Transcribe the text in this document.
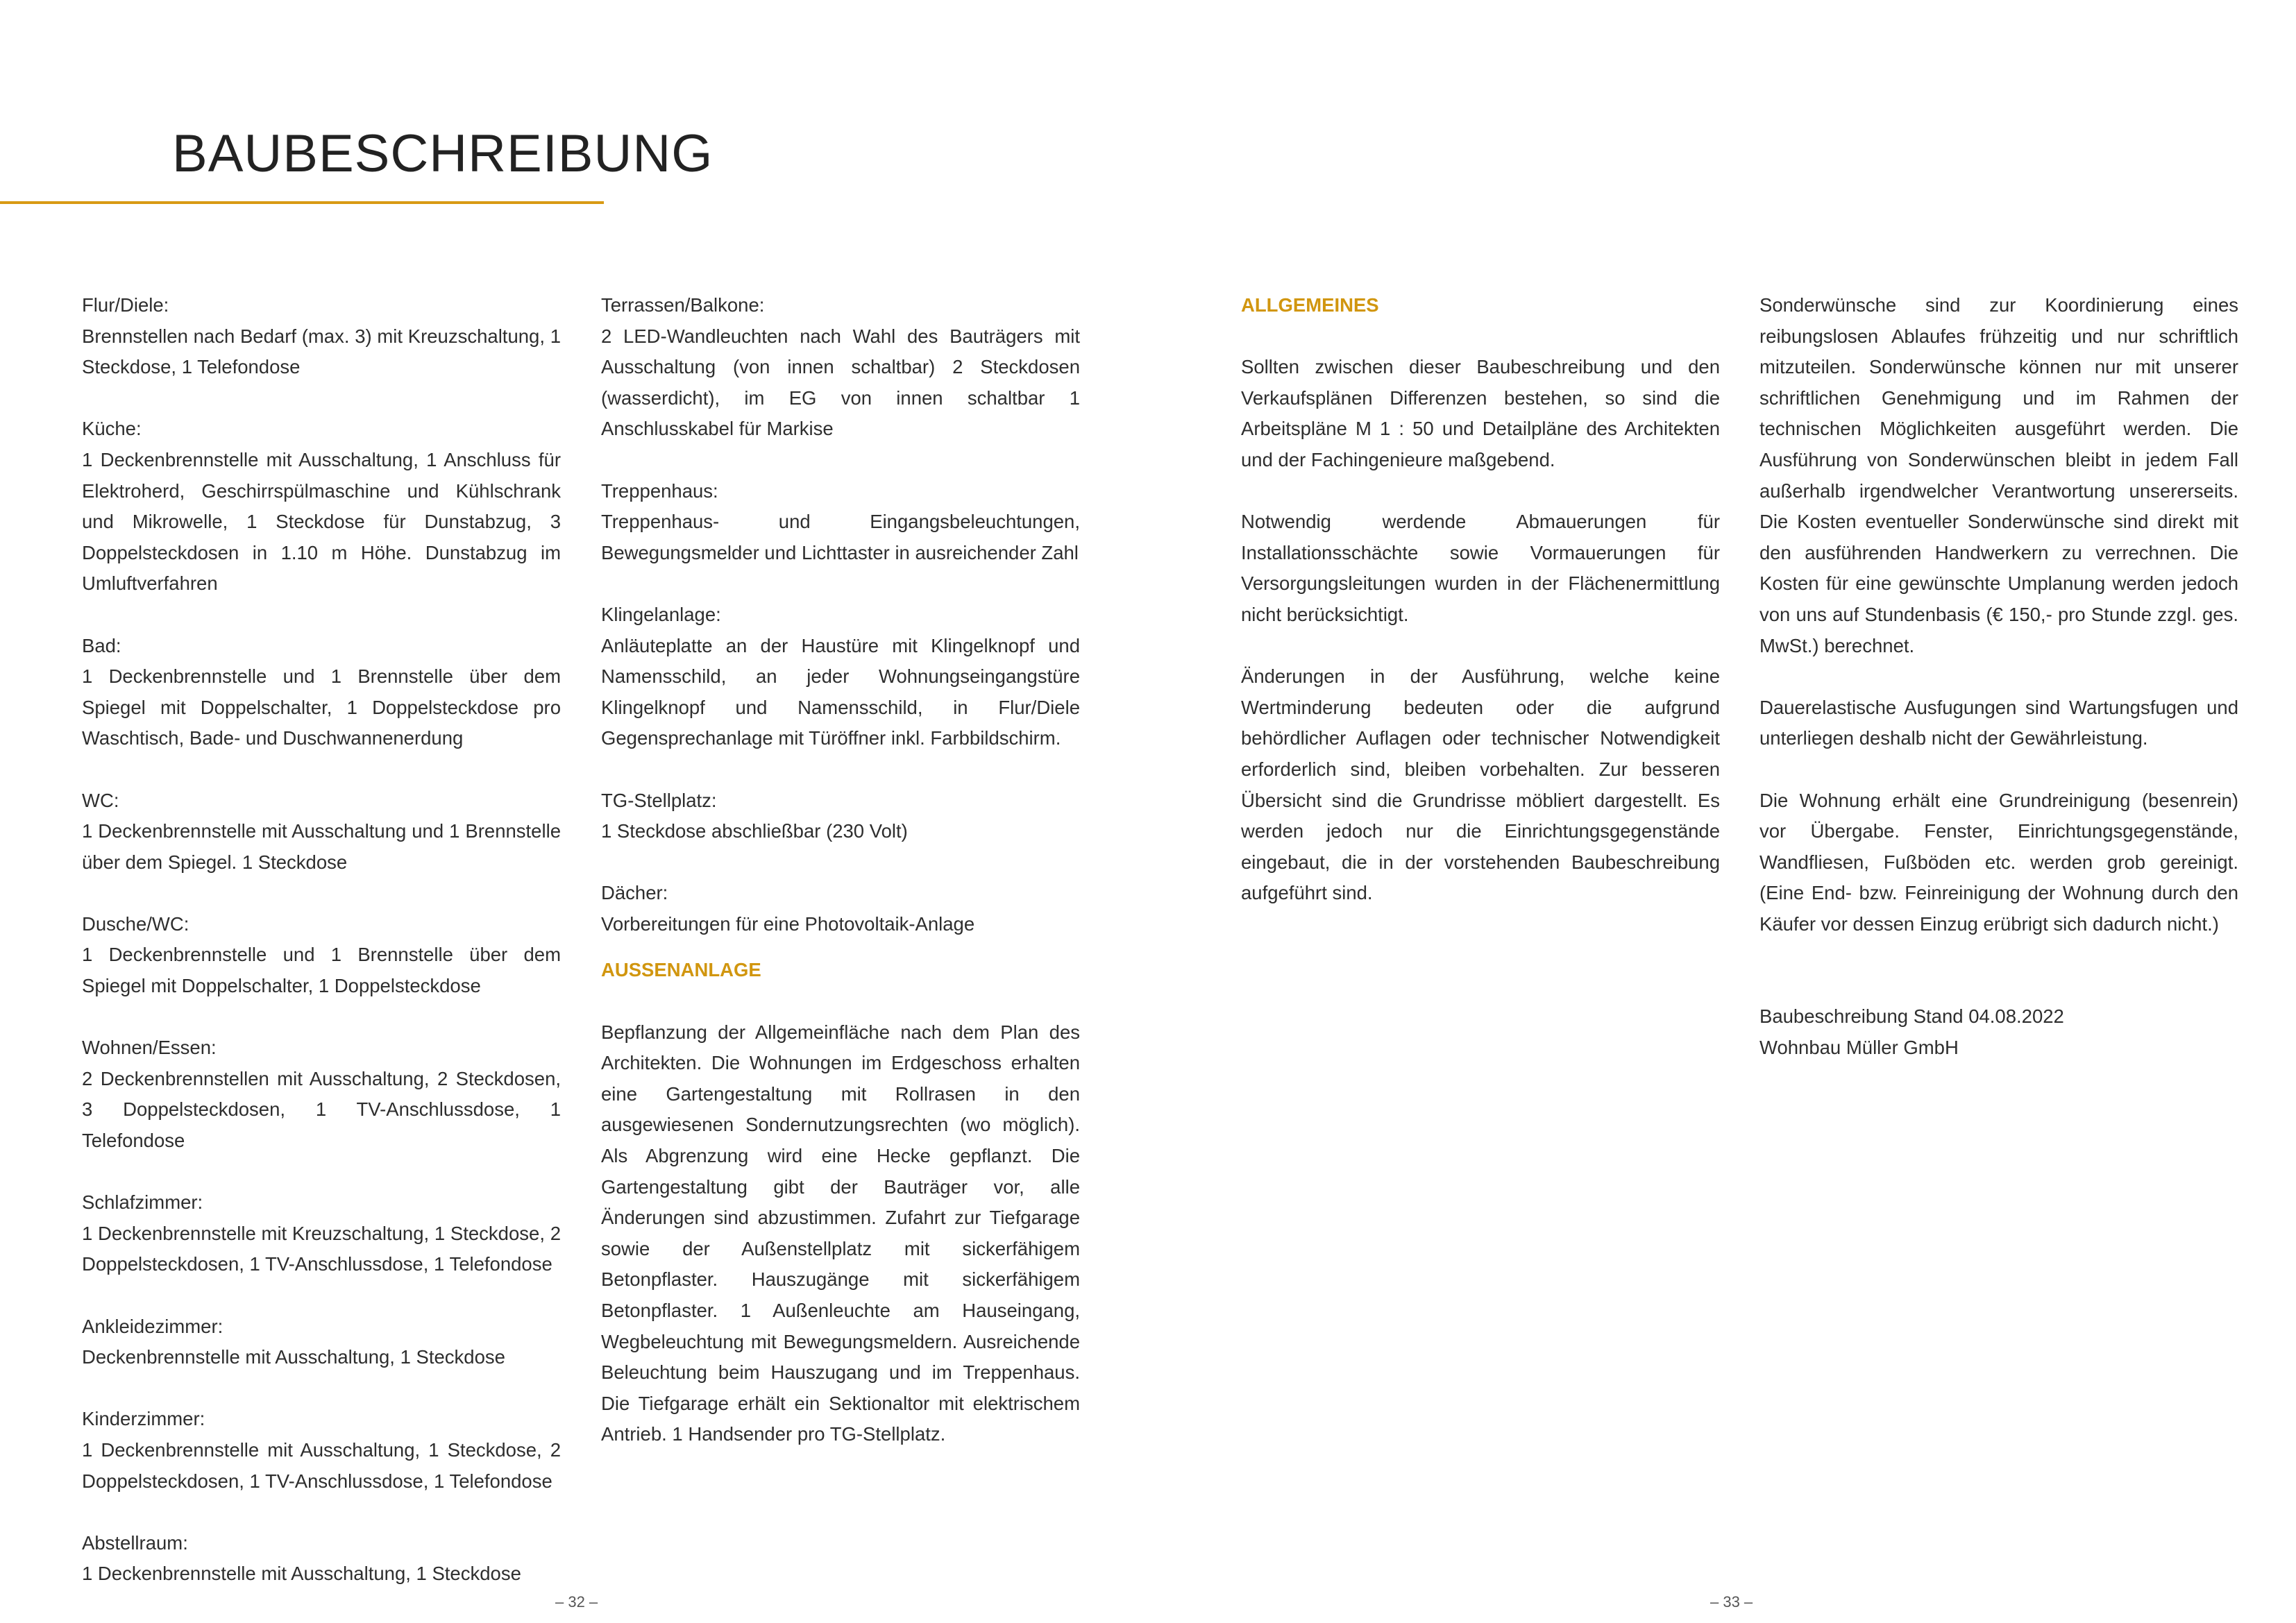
BAUBESCHREIBUNG

Flur/Diele:
Brennstellen nach Bedarf (max. 3) mit Kreuzschaltung, 1 Steckdose, 1 Telefondose

Küche:
1 Deckenbrennstelle mit Ausschaltung, 1 Anschluss für Elektroherd, Geschirrspülmaschine und Kühlschrank und Mikrowelle, 1 Steckdose für Dunstabzug, 3 Doppelsteckdosen in 1.10 m Höhe. Dunstabzug im Umluftverfahren

Bad:
1 Deckenbrennstelle und 1 Brennstelle über dem Spiegel mit Doppelschalter, 1 Doppelsteckdose pro Waschtisch, Bade- und Duschwannenerdung

WC:
1 Deckenbrennstelle mit Ausschaltung und 1 Brennstelle über dem Spiegel. 1 Steckdose

Dusche/WC:
1 Deckenbrennstelle und 1 Brennstelle über dem Spiegel mit Doppelschalter, 1 Doppelsteckdose

Wohnen/Essen:
2 Deckenbrennstellen mit Ausschaltung, 2 Steckdosen, 3 Doppelsteckdosen, 1 TV-Anschlussdose, 1 Telefondose

Schlafzimmer:
1 Deckenbrennstelle mit Kreuzschaltung, 1 Steckdose, 2 Doppelsteckdosen, 1 TV-Anschlussdose, 1 Telefondose

Ankleidezimmer:
Deckenbrennstelle mit Ausschaltung, 1 Steckdose

Kinderzimmer:
1 Deckenbrennstelle mit Ausschaltung, 1 Steckdose, 2 Doppelsteckdosen, 1 TV-Anschlussdose, 1 Telefondose

Abstellraum:
1 Deckenbrennstelle mit Ausschaltung, 1 Steckdose

Terrassen/Balkone:
2 LED-Wandleuchten nach Wahl des Bauträgers mit Ausschaltung (von innen schaltbar) 2 Steckdosen (wasserdicht), im EG von innen schaltbar 1 Anschlusskabel für Markise

Treppenhaus:
Treppenhaus- und Eingangsbeleuchtungen, Bewegungsmelder und Lichttaster in ausreichender Zahl

Klingelanlage:
Anläuteplatte an der Haustüre mit Klingelknopf und Namensschild, an jeder Wohnungseingangstüre Klingelknopf und Namensschild, in Flur/Diele Gegensprechanlage mit Türöffner inkl. Farbbildschirm.

TG-Stellplatz:
1 Steckdose abschließbar (230 Volt)

Dächer:
Vorbereitungen für eine Photovoltaik-Anlage

AUSSENANLAGE

Bepflanzung der Allgemeinfläche nach dem Plan des Architekten. Die Wohnungen im Erdgeschoss erhalten eine Gartengestaltung mit Rollrasen in den ausgewiesenen Sondernutzungsrechten (wo möglich). Als Abgrenzung wird eine Hecke gepflanzt. Die Gartengestaltung gibt der Bauträger vor, alle Änderungen sind abzustimmen. Zufahrt zur Tiefgarage sowie der Außenstellplatz mit sickerfähigem Betonpflaster. Hauszugänge mit sickerfähigem Betonpflaster. 1 Außenleuchte am Hauseingang, Wegbeleuchtung mit Bewegungsmeldern. Ausreichende Beleuchtung beim Hauszugang und im Treppenhaus. Die Tiefgarage erhält ein Sektionaltor mit elektrischem Antrieb. 1 Handsender pro TG-Stellplatz.

ALLGEMEINES

Sollten zwischen dieser Baubeschreibung und den Verkaufsplänen Differenzen bestehen, so sind die Arbeitspläne M 1 : 50 und Detailpläne des Architekten und der Fachingenieure maßgebend.

Notwendig werdende Abmauerungen für Installationsschächte sowie Vormauerungen für Versorgungsleitungen wurden in der Flächenermittlung nicht berücksichtigt.

Änderungen in der Ausführung, welche keine Wertminderung bedeuten oder die aufgrund behördlicher Auflagen oder technischer Notwendigkeit erforderlich sind, bleiben vorbehalten. Zur besseren Übersicht sind die Grundrisse möbliert dargestellt. Es werden jedoch nur die Einrichtungsgegenstände eingebaut, die in der vorstehenden Baubeschreibung aufgeführt sind.

Sonderwünsche sind zur Koordinierung eines reibungslosen Ablaufes frühzeitig und nur schriftlich mitzuteilen. Sonderwünsche können nur mit unserer schriftlichen Genehmigung und im Rahmen der technischen Möglichkeiten ausgeführt werden. Die Ausführung von Sonderwünschen bleibt in jedem Fall außerhalb irgendwelcher Verantwortung unsererseits. Die Kosten eventueller Sonderwünsche sind direkt mit den ausführenden Handwerkern zu verrechnen. Die Kosten für eine gewünschte Umplanung werden jedoch von uns auf Stundenbasis (€ 150,- pro Stunde zzgl. ges. MwSt.) berechnet.

Dauerelastische Ausfugungen sind Wartungsfugen und unterliegen deshalb nicht der Gewährleistung.

Die Wohnung erhält eine Grundreinigung (besenrein) vor Übergabe. Fenster, Einrichtungsgegenstände, Wandfliesen, Fußböden etc. werden grob gereinigt. (Eine End- bzw. Feinreinigung der Wohnung durch den Käufer vor dessen Einzug erübrigt sich dadurch nicht.)

Baubeschreibung Stand 04.08.2022
Wohnbau Müller GmbH

– 32 –	– 33 –
